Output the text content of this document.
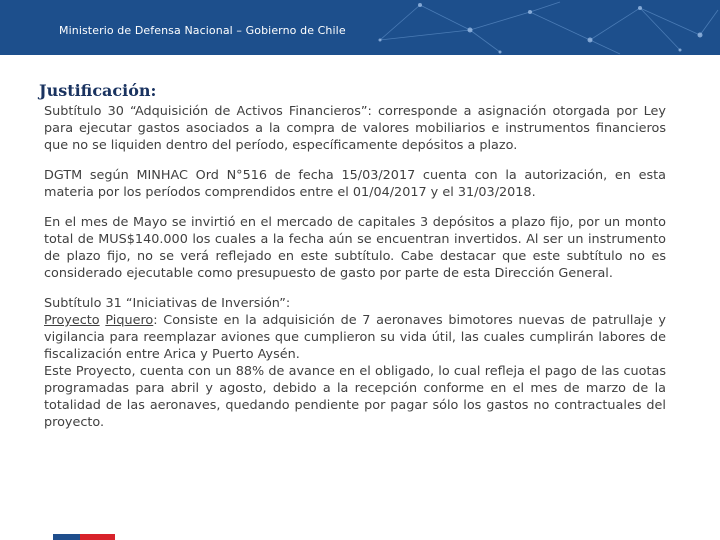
Ministerio de Defensa Nacional – Gobierno de Chile
Justificación:

Subtítulo 30 “Adquisición de Activos Financieros”: corresponde a asignación otorgada por Ley para ejecutar gastos asociados a la compra de valores mobiliarios e instrumentos financieros que no se liquiden dentro del período, específicamente depósitos a plazo.

DGTM según MINHAC Ord N°516 de fecha 15/03/2017 cuenta con la autorización, en esta materia por los períodos comprendidos entre el 01/04/2017 y el 31/03/2018.

En el mes de Mayo se invirtió en el mercado de capitales 3 depósitos a plazo fijo, por un monto total de MUS$140.000 los cuales a la fecha aún se encuentran invertidos. Al ser un instrumento de plazo fijo, no se verá reflejado en este subtítulo. Cabe destacar que este subtítulo no es considerado ejecutable como presupuesto de gasto por parte de esta Dirección General.

Subtítulo 31 “Iniciativas de Inversión”:

Proyecto Piquero: Consiste en la adquisición de 7 aeronaves bimotores nuevas de patrullaje y vigilancia para reemplazar aviones que cumplieron su vida útil, las cuales cumplirán labores de fiscalización entre Arica y Puerto Aysén.

Este Proyecto, cuenta con un 88% de avance en el obligado, lo cual refleja el pago de las cuotas programadas para abril y agosto, debido a la recepción conforme en el mes de marzo de la totalidad de las aeronaves, quedando pendiente por pagar sólo los gastos no contractuales del proyecto.
